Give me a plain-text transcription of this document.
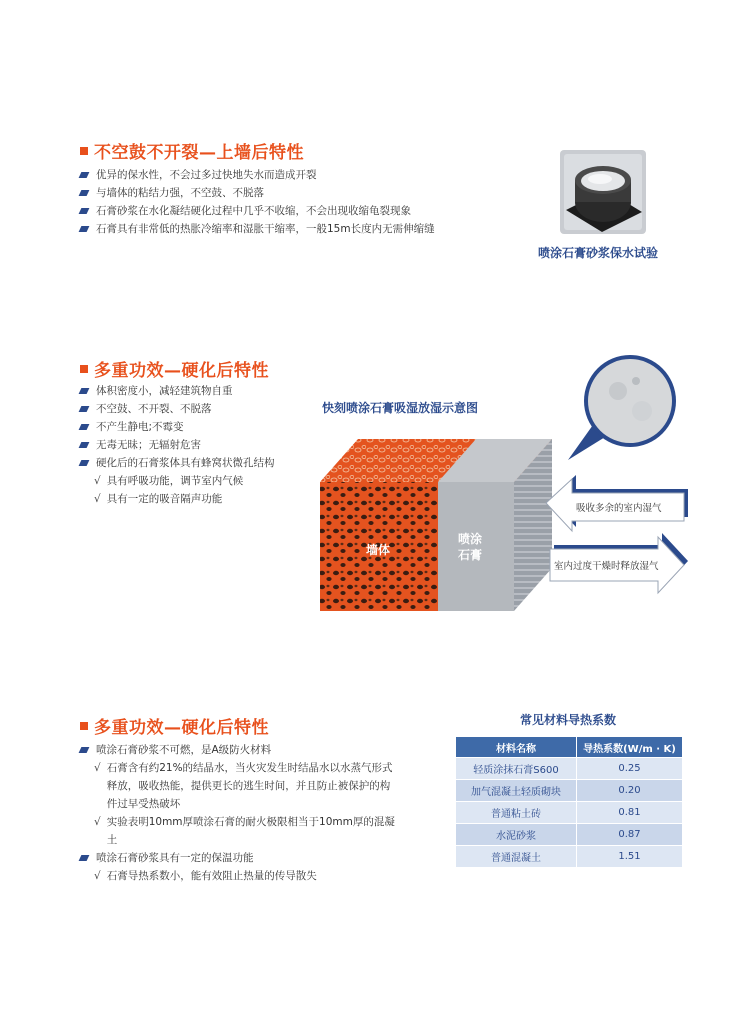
不空鼓不开裂—上墙后特性
优异的保水性，不会过多过快地失水而造成开裂
与墙体的粘结力强，不空鼓、不脱落
石膏砂浆在水化凝结硬化过程中几乎不收缩，不会出现收缩龟裂现象
石膏具有非常低的热胀冷缩率和湿胀干缩率，一般15m长度内无需伸缩缝
喷涂石膏砂浆保水试验
多重功效—硬化后特性
体积密度小，减轻建筑物自重
不空鼓、不开裂、不脱落
不产生静电;不霉变
无毒无昧；无辐射危害
硬化后的石膏浆体具有蜂窝状微孔结构
√ 具有呼吸功能，调节室内气候
√ 具有一定的吸音隔声功能
快刻喷涂石膏吸湿放湿示意图
墙体
喷涂
石膏
吸收多余的室内湿气
室内过度干燥时释放湿气
多重功效—硬化后特性
喷涂石膏砂浆不可燃，是A级防火材料
√ 石膏含有约21%的结晶水，当火灾发生时结晶水以水蒸气形式释放，吸收热能，提供更长的逃生时间，并且防止被保护的构件过早受热破坏
√ 实验表明10mm厚喷涂石膏的耐火极限相当于10mm厚的混凝土
喷涂石膏砂浆具有一定的保温功能
√ 石膏导热系数小，能有效阻止热量的传导散失
常见材料导热系数
材料名称	导热系数(W/m · K)
轻质涂抹石膏S600	0.25
加气混凝土轻质砌块	0.20
普通粘土砖	0.81
水泥砂浆	0.87
普通混凝土	1.51
